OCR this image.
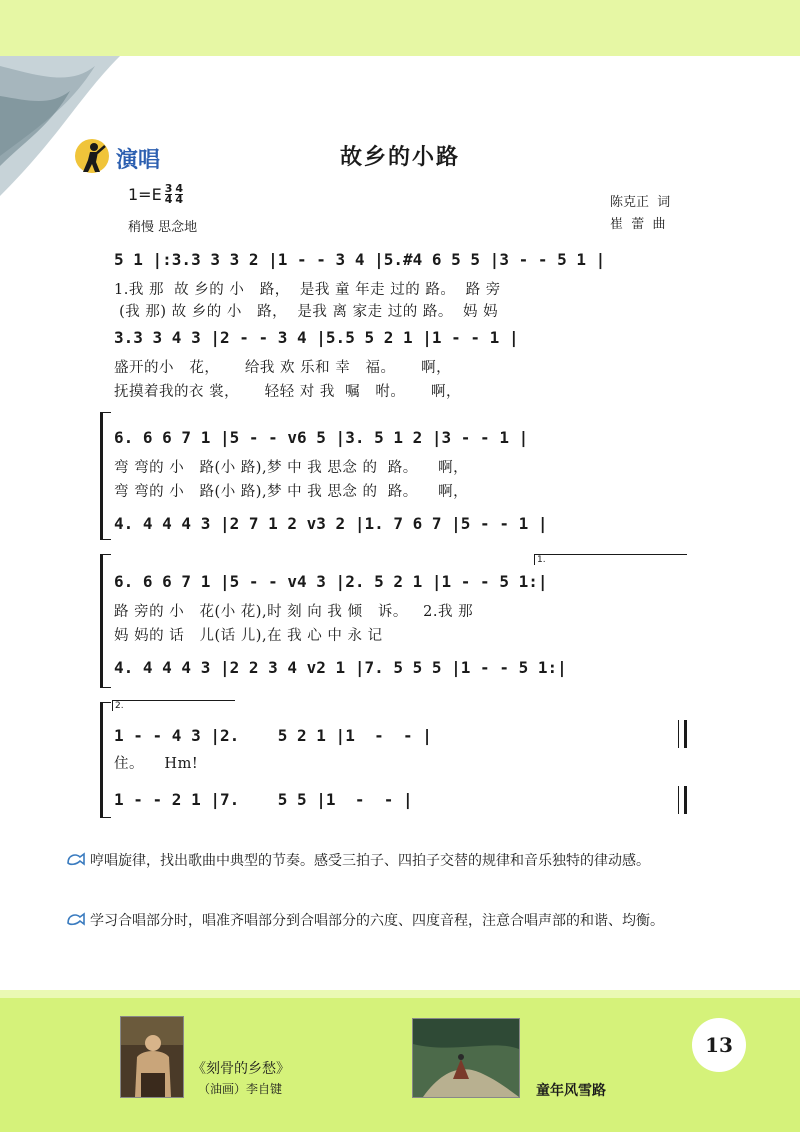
演唱	故乡的小路
$1=E \frac{3}{4} \frac{4}{4}$
稍慢 思念地
陈克正  词
崔  蕾  曲
5 1 |:3.3 3 3 2 |1 - - 3 4 |5.#4 6 5 5 |3 - - 5 1 |
1.我 那  故 乡的 小   路，  是我 童 年走 过的 路。  路 旁
(我 那) 故 乡的 小   路，  是我 离 家走 过的 路。  妈 妈
3.3 3 4 3 |2 - - 3 4 |5.5 5 2 1 |1 - - 1 |
盛开的小   花，     给我 欢 乐和 幸   福。     啊，
抚摸着我的衣 裳，     轻轻 对 我  嘱   咐。     啊，
6. 6 6 7 1 |5 - - v6 5 |3. 5 1 2 |3 - - 1 |
弯 弯的 小   路(小 路),梦 中 我 思念 的  路。    啊，
弯 弯的 小   路(小 路),梦 中 我 思念 的  路。    啊，
4. 4 4 4 3 |2 7 1 2 v3 2 |1. 7 6 7 |5 - - 1 |
1.
6. 6 6 7 1 |5 - - v4 3 |2. 5 2 1 |1 - - 5 1:|
路 旁的 小   花(小 花),时 刻 向 我 倾   诉。   2.我 那
妈 妈的 话   儿(话 儿),在 我 心 中 永 记
4. 4 4 4 3 |2 2 3 4 v2 1 |7. 5 5 5 |1 - - 5 1:|
2.
1 - - 4 3 |2.    5 2 1 |1  -  - |
住。    Hm!
1 - - 2 1 |7.    5 5 |1  -  - |
哼唱旋律，找出歌曲中典型的节奏。感受三拍子、四拍子交替的规律和音乐独特的律动感。
学习合唱部分时，唱准齐唱部分到合唱部分的六度、四度音程，注意合唱声部的和谐、均衡。
《刻骨的乡愁》
（油画）李自键	童年风雪路
13
